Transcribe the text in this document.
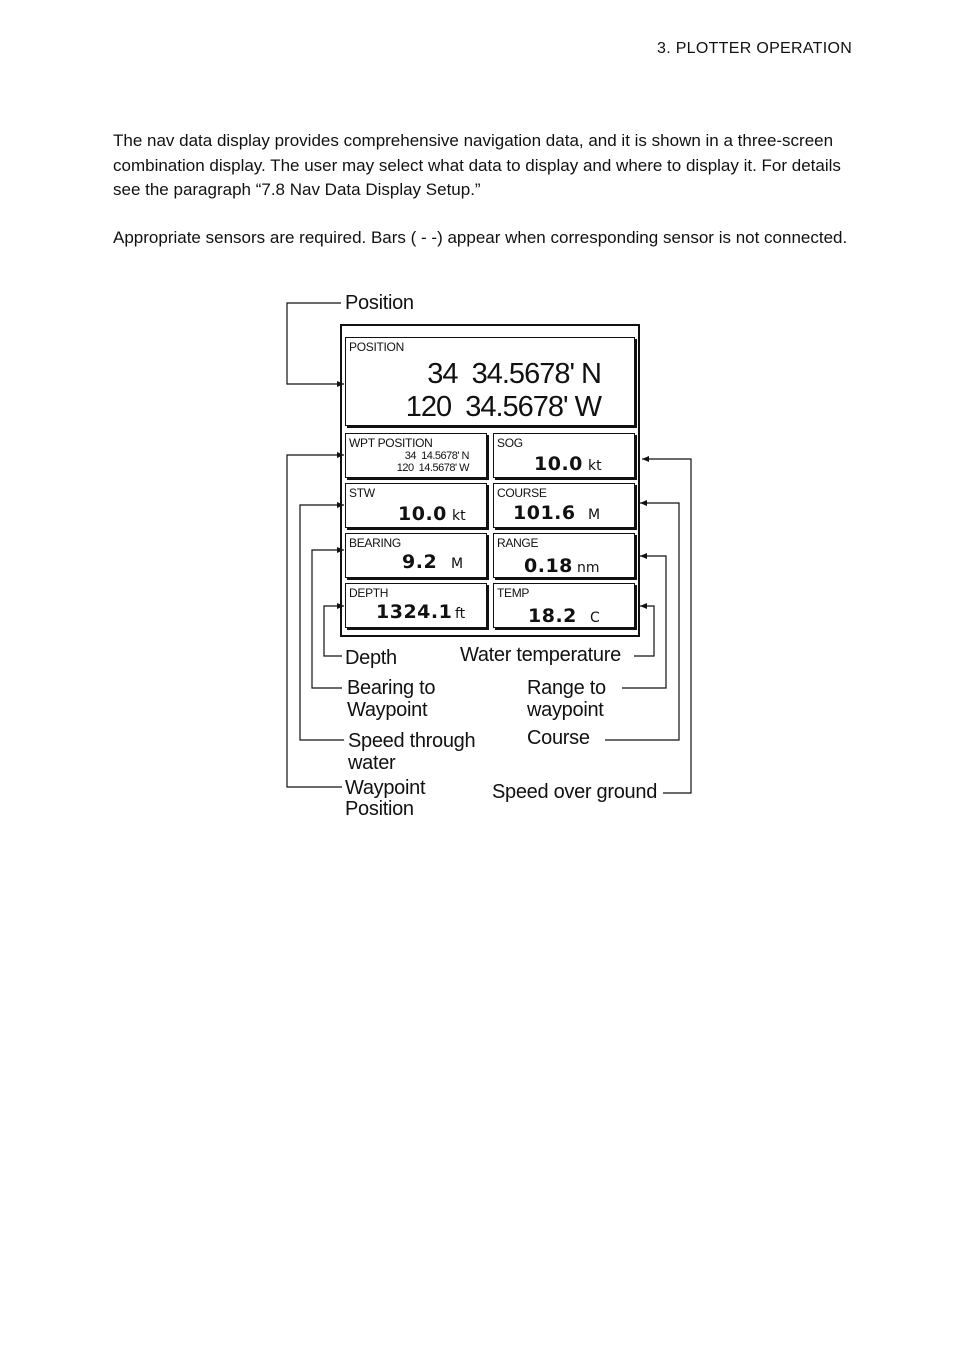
3. PLOTTER OPERATION
The nav data display provides comprehensive navigation data, and it is shown in a three-screen combination display. The user may select what data to display and where to display it. For details see the paragraph “7.8 Nav Data Display Setup.”
Appropriate sensors are required. Bars ( - -) appear when corresponding sensor is not connected.
POSITION
34  34.5678' N
120  34.5678' W
WPT POSITION
34  14.5678' N
120  14.5678' W
SOG
10.0 kt
STW
10.0 kt
COURSE
101.6 M
BEARING
9.2 M
RANGE
0.18 nm
DEPTH
1324.1 ft
TEMP
18.2 C
Position
Depth	Water temperature
Bearing to
Waypoint
Range to
waypoint
Speed through
water
Course
Waypoint
Position
Speed over ground
